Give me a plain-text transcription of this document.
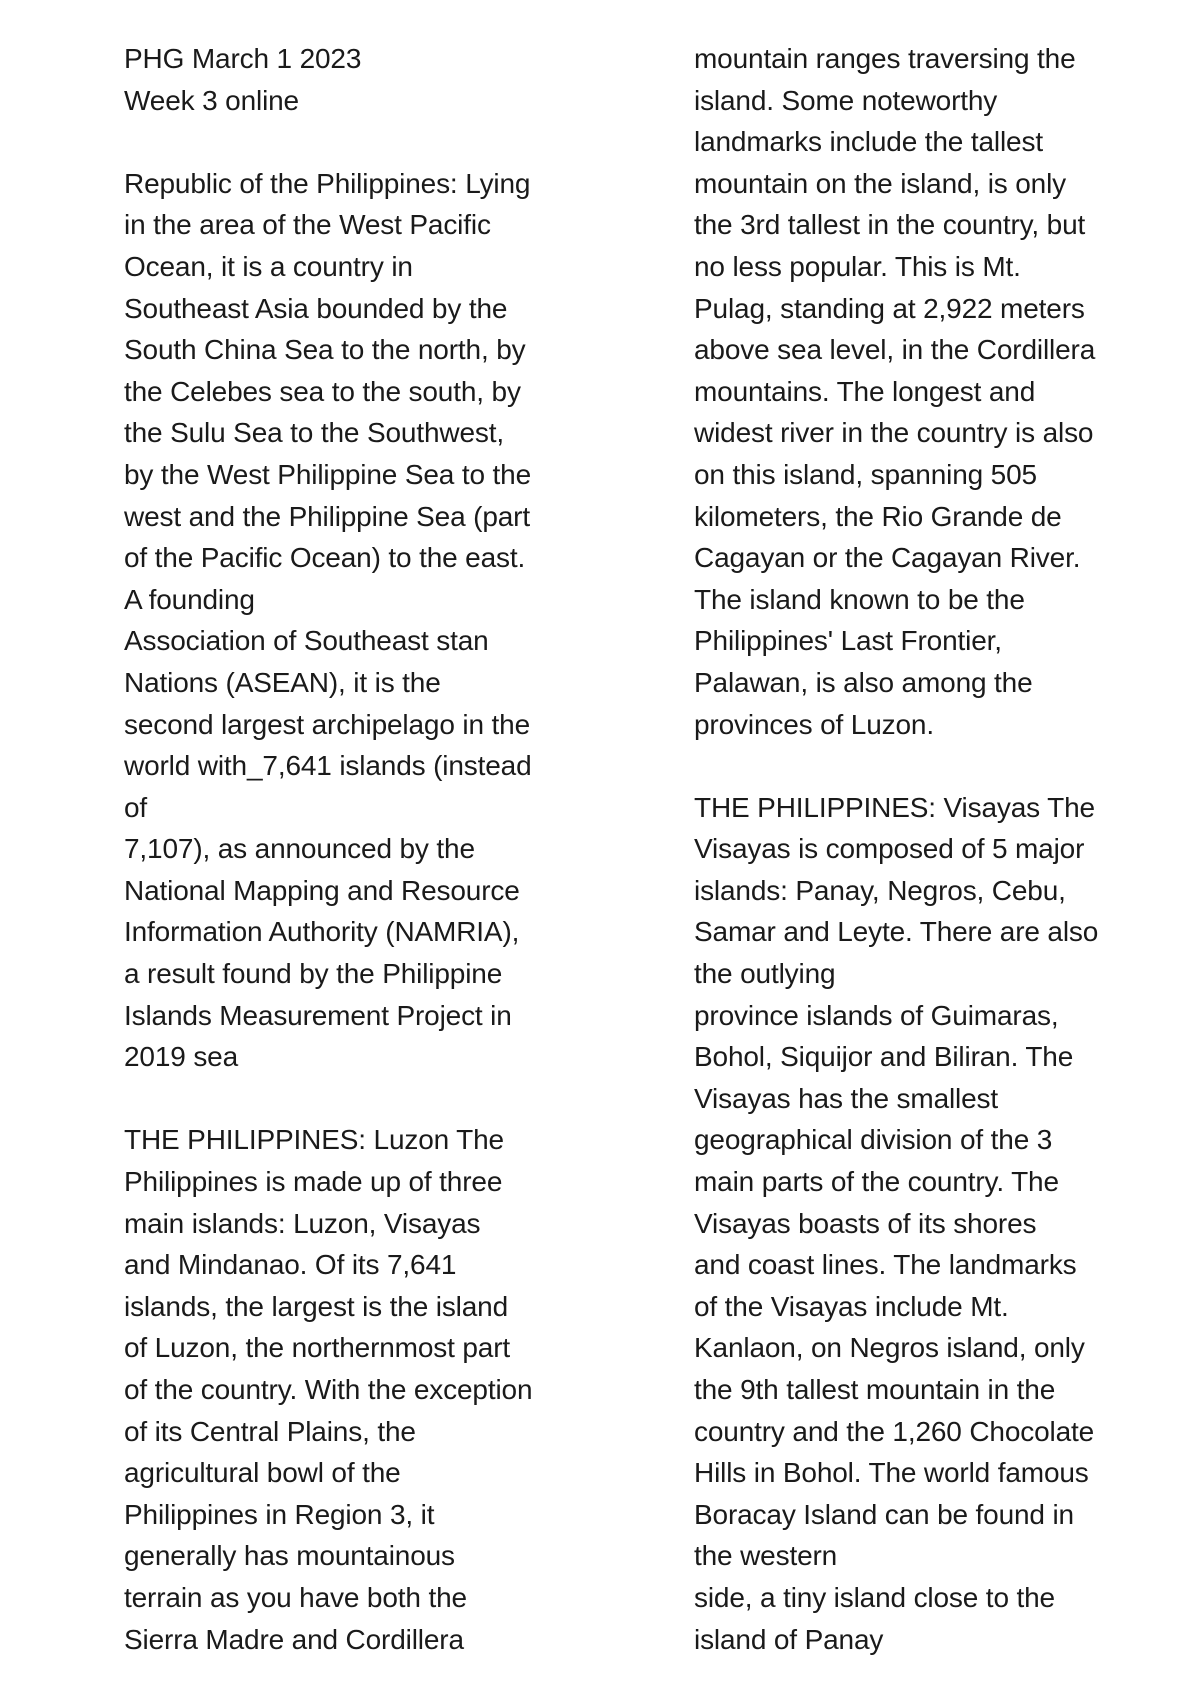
PHG March 1 2023
Week 3 online
Republic of the Philippines: Lying
in the area of the West Pacific
Ocean, it is a country in
Southeast Asia bounded by the
South China Sea to the north, by
the Celebes sea to the south, by
the Sulu Sea to the Southwest,
by the West Philippine Sea to the
west and the Philippine Sea (part
of the Pacific Ocean) to the east.
A founding
Association of Southeast stan
Nations (ASEAN), it is the
second largest archipelago in the
world with_7,641 islands (instead
of
7,107), as announced by the
National Mapping and Resource
Information Authority (NAMRIA),
a result found by the Philippine
Islands Measurement Project in
2019 sea
THE PHILIPPINES: Luzon The
Philippines is made up of three
main islands: Luzon, Visayas
and Mindanao. Of its 7,641
islands, the largest is the island
of Luzon, the northernmost part
of the country. With the exception
of its Central Plains, the
agricultural bowl of the
Philippines in Region 3, it
generally has mountainous
terrain as you have both the
Sierra Madre and Cordillera
mountain ranges traversing the
island. Some noteworthy
landmarks include the tallest
mountain on the island, is only
the 3rd tallest in the country, but
no less popular. This is Mt.
Pulag, standing at 2,922 meters
above sea level, in the Cordillera
mountains. The longest and
widest river in the country is also
on this island, spanning 505
kilometers, the Rio Grande de
Cagayan or the Cagayan River.
The island known to be the
Philippines' Last Frontier,
Palawan, is also among the
provinces of Luzon.
THE PHILIPPINES: Visayas The
Visayas is composed of 5 major
islands: Panay, Negros, Cebu,
Samar and Leyte. There are also
the outlying
province islands of Guimaras,
Bohol, Siquijor and Biliran. The
Visayas has the smallest
geographical division of the 3
main parts of the country. The
Visayas boasts of its shores
and coast lines. The landmarks
of the Visayas include Mt.
Kanlaon, on Negros island, only
the 9th tallest mountain in the
country and the 1,260 Chocolate
Hills in Bohol. The world famous
Boracay Island can be found in
the western
side, a tiny island close to the
island of Panay
